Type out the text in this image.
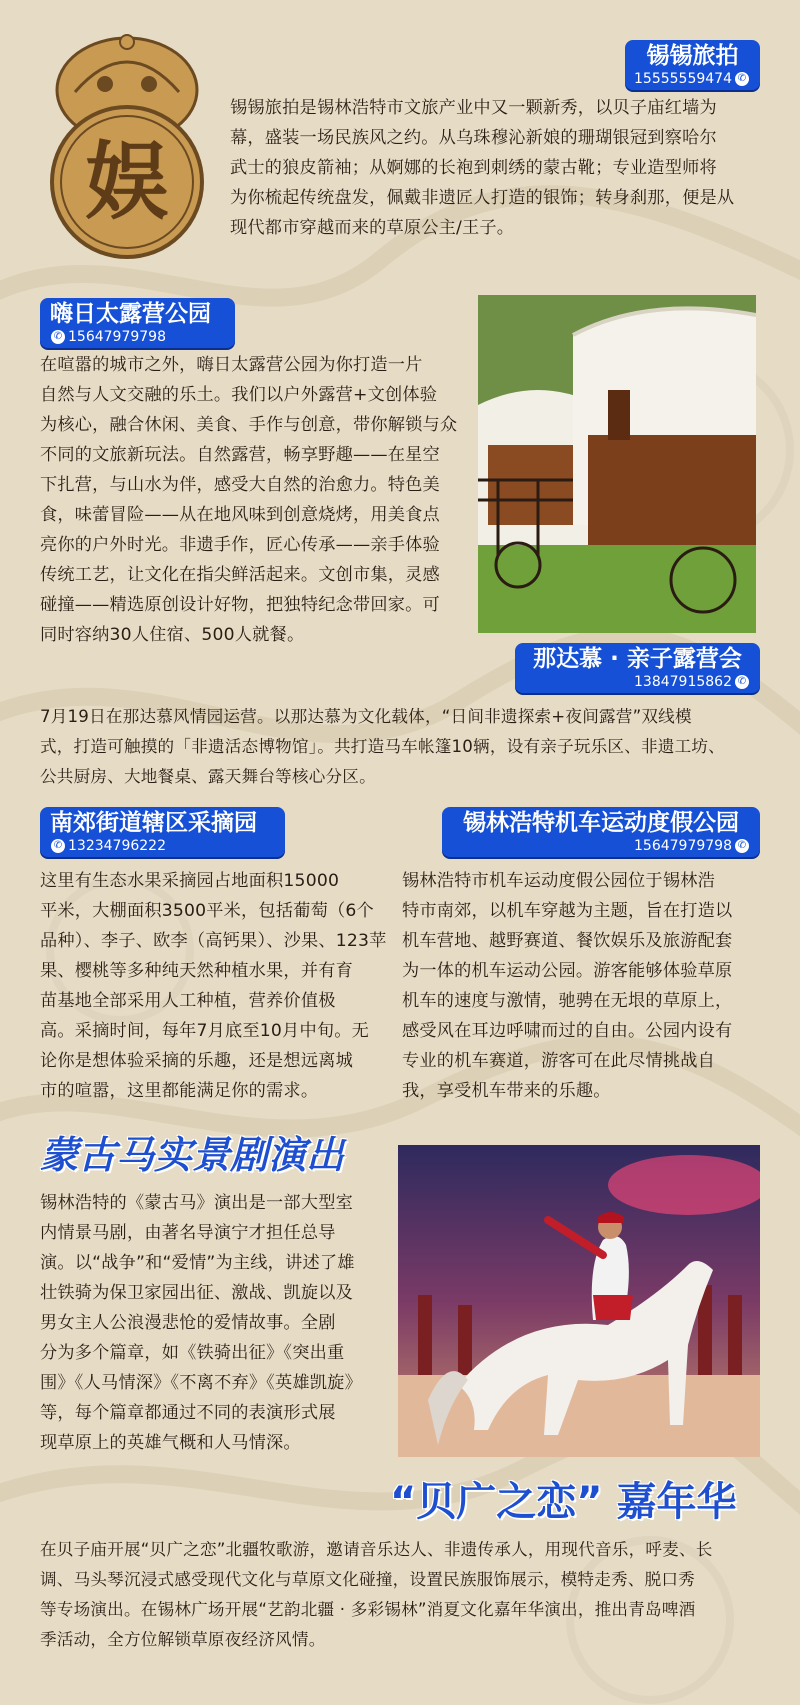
娱
锡锡旅拍
15555559474 ✆
锡锡旅拍是锡林浩特市文旅产业中又一颗新秀，以贝子庙红墙为
幕，盛装一场民族风之约。从乌珠穆沁新娘的珊瑚银冠到察哈尔
武士的狼皮箭袖；从婀娜的长袍到刺绣的蒙古靴；专业造型师将
为你梳起传统盘发，佩戴非遗匠人打造的银饰；转身刹那，便是从
现代都市穿越而来的草原公主/王子。
嗨日太露营公园
✆ 15647979798
在喧嚣的城市之外，嗨日太露营公园为你打造一片
自然与人文交融的乐土。我们以户外露营+文创体验
为核心，融合休闲、美食、手作与创意，带你解锁与众
不同的文旅新玩法。自然露营，畅享野趣——在星空
下扎营，与山水为伴，感受大自然的治愈力。特色美
食，味蕾冒险——从在地风味到创意烧烤，用美食点
亮你的户外时光。非遗手作，匠心传承——亲手体验
传统工艺，让文化在指尖鲜活起来。文创市集，灵感
碰撞——精选原创设计好物，把独特纪念带回家。可
同时容纳30人住宿、500人就餐。
那达慕 · 亲子露营会
13847915862 ✆
7月19日在那达慕风情园运营。以那达慕为文化载体，“日间非遗探索+夜间露营”双线模
式，打造可触摸的「非遗活态博物馆」。共打造马车帐篷10辆，设有亲子玩乐区、非遗工坊、
公共厨房、大地餐桌、露天舞台等核心分区。
南郊街道辖区采摘园
✆ 13234796222
这里有生态水果采摘园占地面积15000
平米，大棚面积3500平米，包括葡萄（6个
品种）、李子、欧李（高钙果）、沙果、123苹
果、樱桃等多种纯天然种植水果，并有育
苗基地全部采用人工种植，营养价值极
高。采摘时间，每年7月底至10月中旬。无
论你是想体验采摘的乐趣，还是想远离城
市的喧嚣，这里都能满足你的需求。
锡林浩特机车运动度假公园
15647979798 ✆
锡林浩特市机车运动度假公园位于锡林浩
特市南郊，以机车穿越为主题，旨在打造以
机车营地、越野赛道、餐饮娱乐及旅游配套
为一体的机车运动公园。游客能够体验草原
机车的速度与激情，驰骋在无垠的草原上，
感受风在耳边呼啸而过的自由。公园内设有
专业的机车赛道，游客可在此尽情挑战自
我，享受机车带来的乐趣。
蒙古马实景剧演出
锡林浩特的《蒙古马》演出是一部大型室
内情景马剧，由著名导演宁才担任总导
演。以“战争”和“爱情”为主线，讲述了雄
壮铁骑为保卫家园出征、激战、凯旋以及
男女主人公浪漫悲怆的爱情故事。全剧
分为多个篇章，如《铁骑出征》《突出重
围》《人马情深》《不离不弃》《英雄凯旋》
等，每个篇章都通过不同的表演形式展
现草原上的英雄气概和人马情深。
“贝广之恋” 嘉年华
在贝子庙开展“贝广之恋”北疆牧歌游，邀请音乐达人、非遗传承人，用现代音乐，呼麦、长
调、马头琴沉浸式感受现代文化与草原文化碰撞，设置民族服饰展示，模特走秀、脱口秀
等专场演出。在锡林广场开展“艺韵北疆 · 多彩锡林”消夏文化嘉年华演出，推出青岛啤酒
季活动，全方位解锁草原夜经济风情。
